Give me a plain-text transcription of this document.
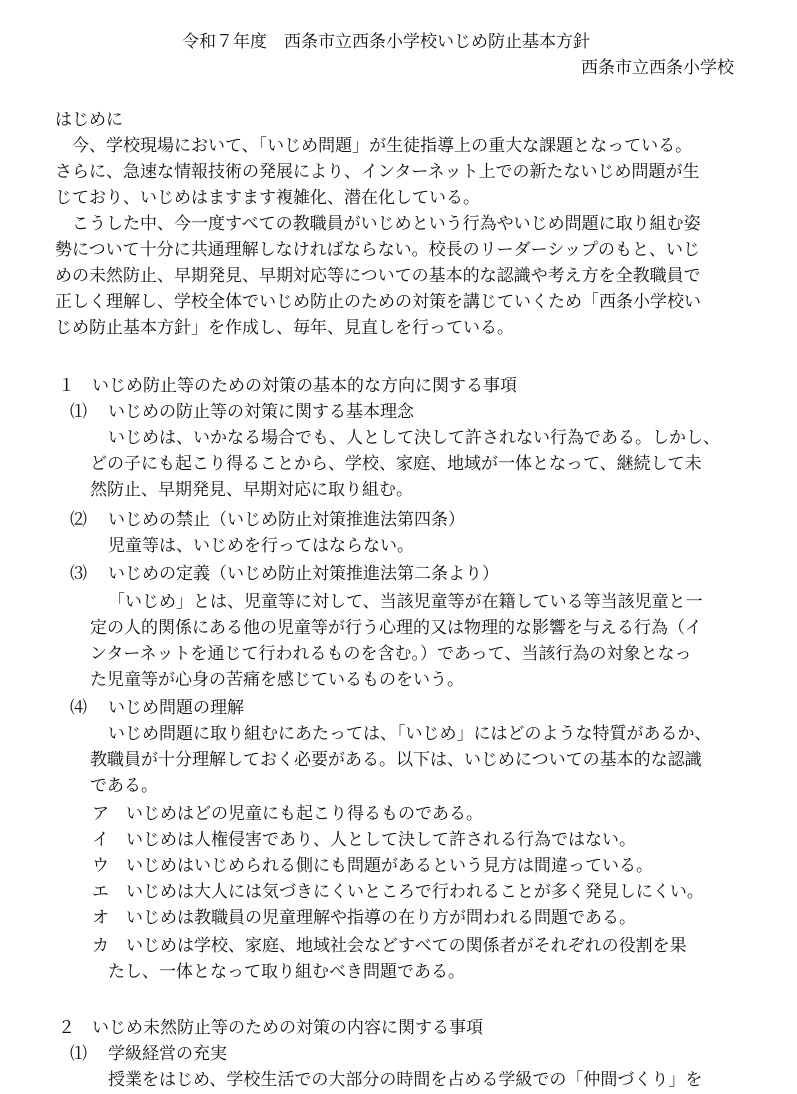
令和７年度　西条市立西条小学校いじめ防止基本方針
西条市立西条小学校
はじめに
今、学校現場において、「いじめ問題」が生徒指導上の重大な課題となっている。
さらに、急速な情報技術の発展により、インターネット上での新たないじめ問題が生
じており、いじめはますます複雑化、潜在化している。
こうした中、今一度すべての教職員がいじめという行為やいじめ問題に取り組む姿
勢について十分に共通理解しなければならない。校長のリーダーシップのもと、いじ
めの未然防止、早期発見、早期対応等についての基本的な認識や考え方を全教職員で
正しく理解し、学校全体でいじめ防止のための対策を講じていくため「西条小学校い
じめ防止基本方針」を作成し、毎年、見直しを行っている。
１ いじめ防止等のための対策の基本的な方向に関する事項
⑴ いじめの防止等の対策に関する基本理念
いじめは、いかなる場合でも、人として決して許されない行為である。しかし、
どの子にも起こり得ることから、学校、家庭、地域が一体となって、継続して未
然防止、早期発見、早期対応に取り組む。
⑵ いじめの禁止（いじめ防止対策推進法第四条）
児童等は、いじめを行ってはならない。
⑶ いじめの定義（いじめ防止対策推進法第二条より）
「いじめ」とは、児童等に対して、当該児童等が在籍している等当該児童と一
定の人的関係にある他の児童等が行う心理的又は物理的な影響を与える行為（イ
ンターネットを通じて行われるものを含む。）であって、当該行為の対象となっ
た児童等が心身の苦痛を感じているものをいう。
⑷ いじめ問題の理解
いじめ問題に取り組むにあたっては、「いじめ」にはどのような特質があるか、
教職員が十分理解しておく必要がある。以下は、いじめについての基本的な認識
である。
ア いじめはどの児童にも起こり得るものである。
イ いじめは人権侵害であり、人として決して許される行為ではない。
ウ いじめはいじめられる側にも問題があるという見方は間違っている。
エ いじめは大人には気づきにくいところで行われることが多く発見しにくい。
オ いじめは教職員の児童理解や指導の在り方が問われる問題である。
カ いじめは学校、家庭、地域社会などすべての関係者がそれぞれの役割を果
たし、一体となって取り組むべき問題である。
２ いじめ未然防止等のための対策の内容に関する事項
⑴ 学級経営の充実
授業をはじめ、学校生活での大部分の時間を占める学級での「仲間づくり」を
